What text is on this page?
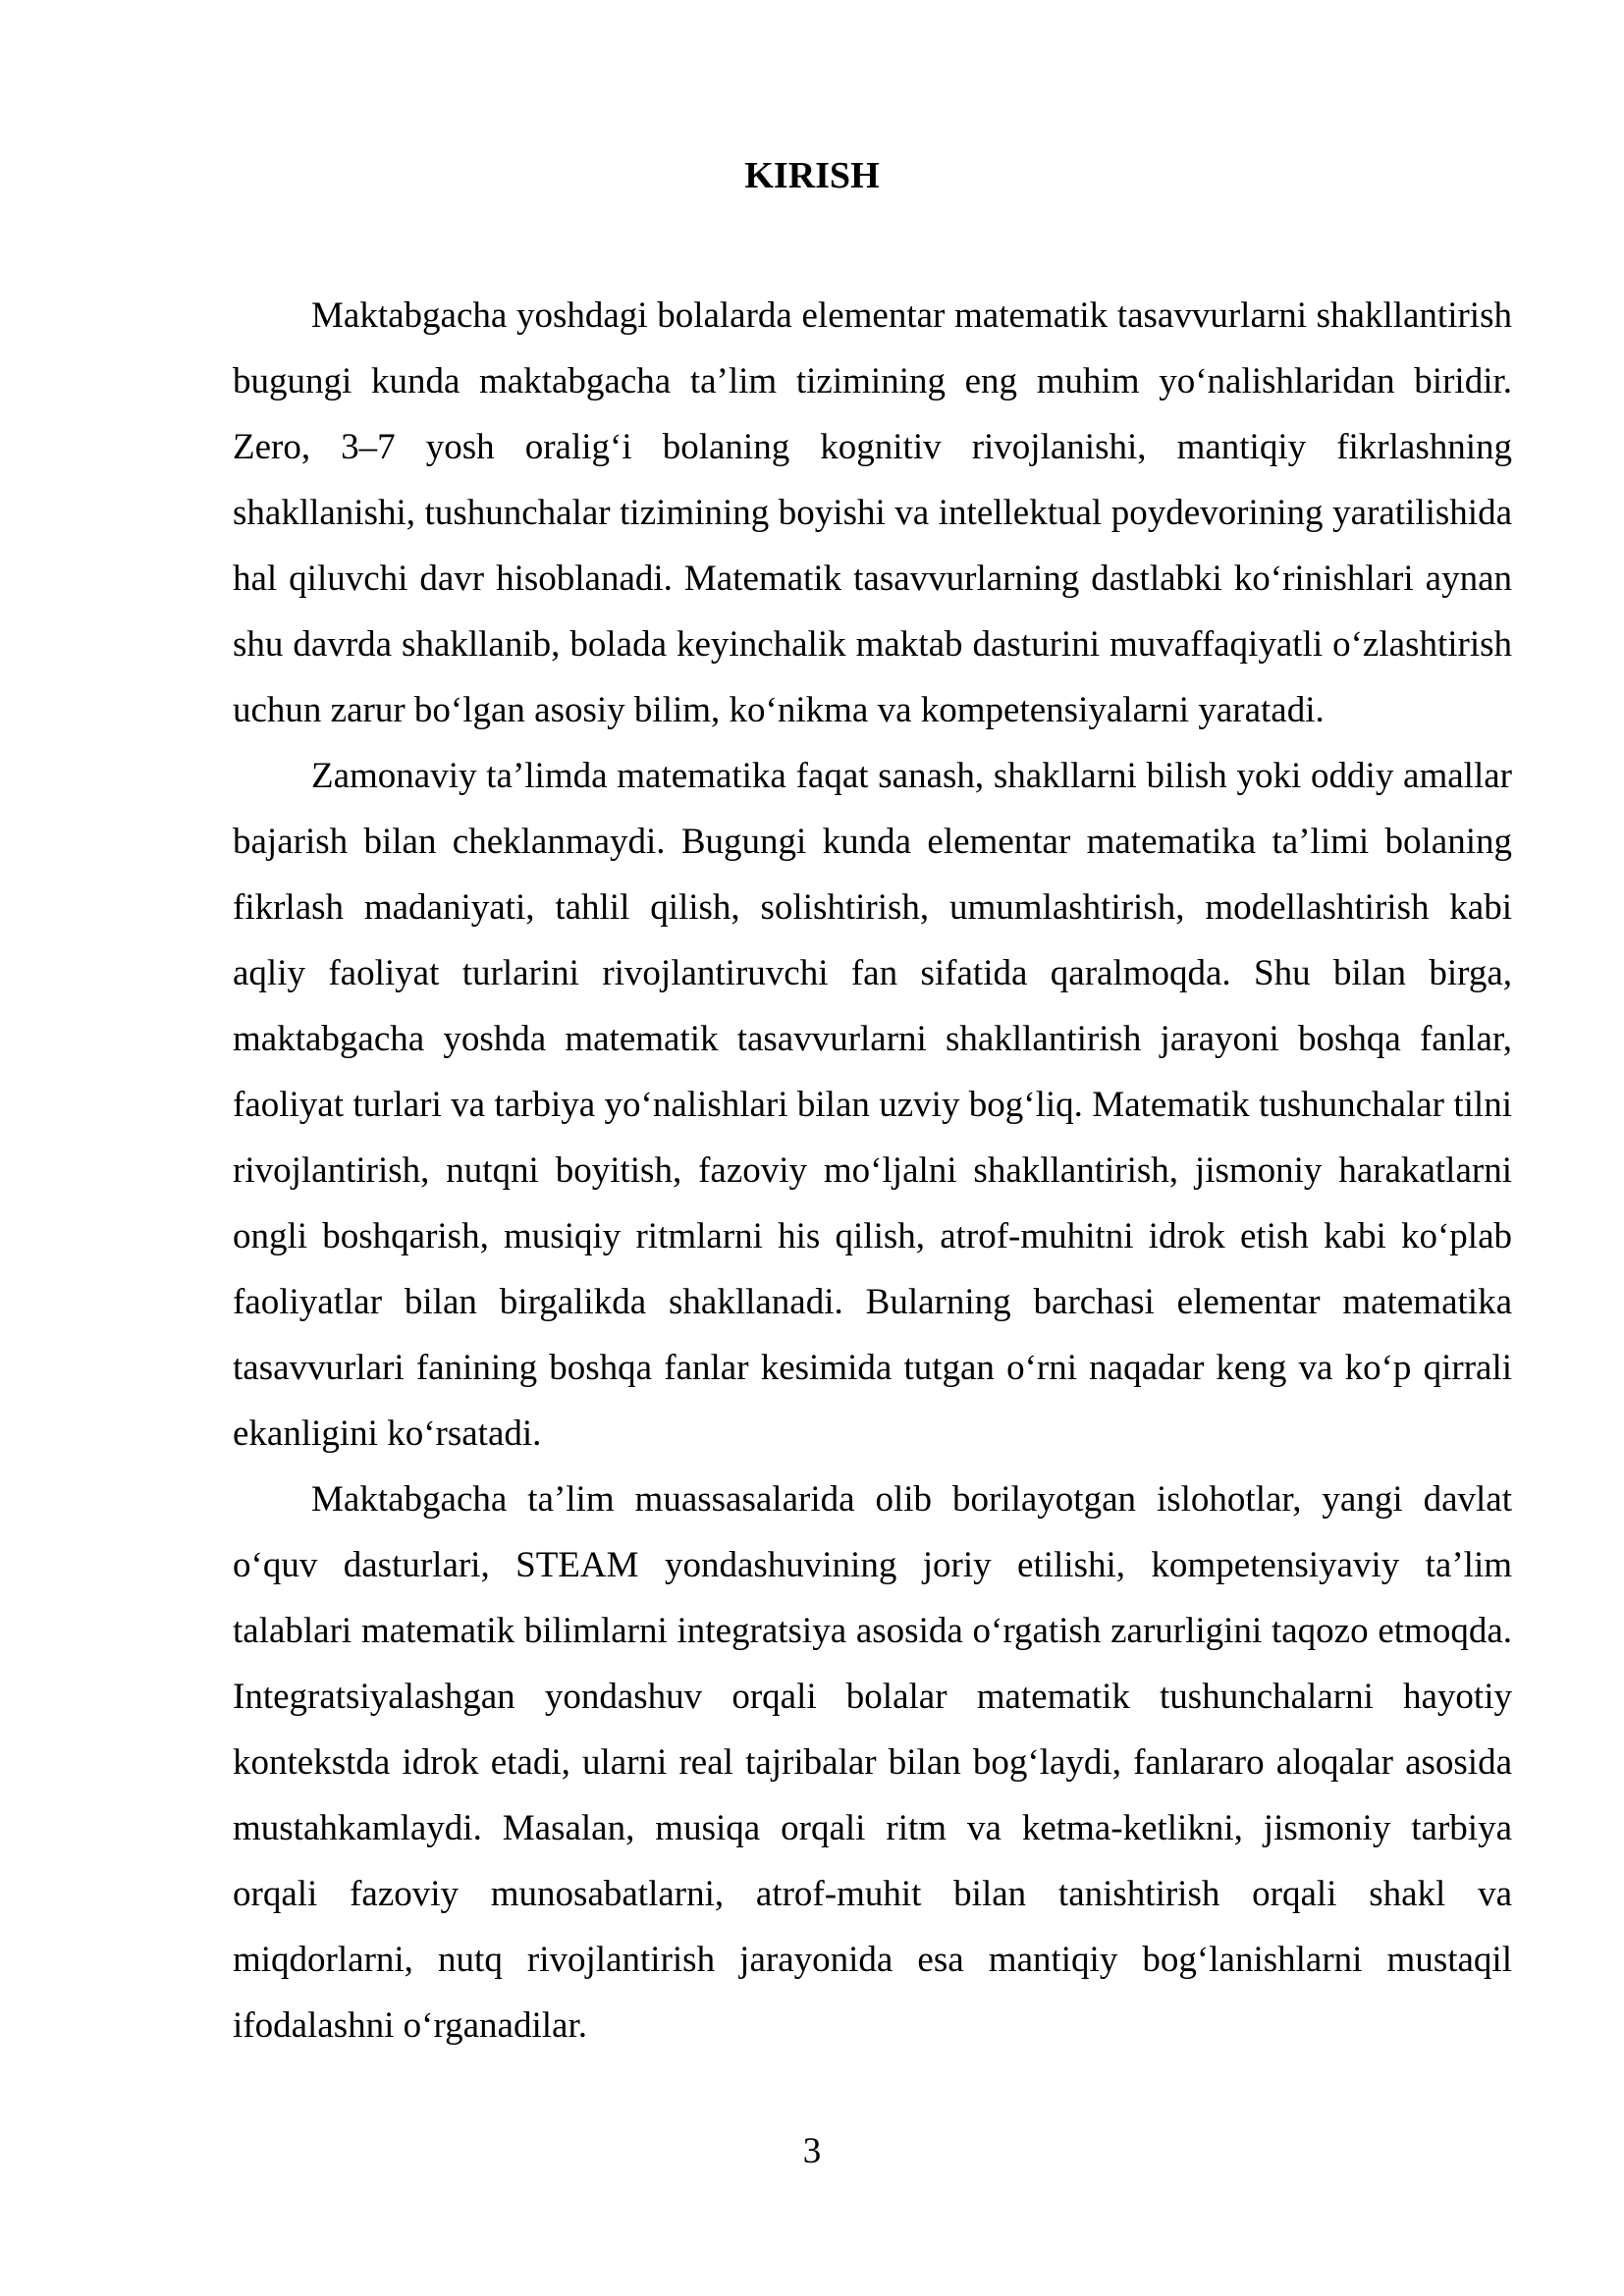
KIRISH

Maktabgacha yoshdagi bolalarda elementar matematik tasavvurlarni shakllantirish bugungi kunda maktabgacha ta’lim tizimining eng muhim yo‘nalishlaridan biridir. Zero, 3–7 yosh oralig‘i bolaning kognitiv rivojlanishi, mantiqiy fikrlashning shakllanishi, tushunchalar tizimining boyishi va intellektual poydevorining yaratilishida hal qiluvchi davr hisoblanadi. Matematik tasavvurlarning dastlabki ko‘rinishlari aynan shu davrda shakllanib, bolada keyinchalik maktab dasturini muvaffaqiyatli o‘zlashtirish uchun zarur bo‘lgan asosiy bilim, ko‘nikma va kompetensiyalarni yaratadi.

Zamonaviy ta’limda matematika faqat sanash, shakllarni bilish yoki oddiy amallar bajarish bilan cheklanmaydi. Bugungi kunda elementar matematika ta’limi bolaning fikrlash madaniyati, tahlil qilish, solishtirish, umumlashtirish, modellashtirish kabi aqliy faoliyat turlarini rivojlantiruvchi fan sifatida qaralmoqda. Shu bilan birga, maktabgacha yoshda matematik tasavvurlarni shakllantirish jarayoni boshqa fanlar, faoliyat turlari va tarbiya yo‘nalishlari bilan uzviy bog‘liq. Matematik tushunchalar tilni rivojlantirish, nutqni boyitish, fazoviy mo‘ljalni shakllantirish, jismoniy harakatlarni ongli boshqarish, musiqiy ritmlarni his qilish, atrof-muhitni idrok etish kabi ko‘plab faoliyatlar bilan birgalikda shakllanadi. Bularning barchasi elementar matematika tasavvurlari fanining boshqa fanlar kesimida tutgan o‘rni naqadar keng va ko‘p qirrali ekanligini ko‘rsatadi.

Maktabgacha ta’lim muassasalarida olib borilayotgan islohotlar, yangi davlat o‘quv dasturlari, STEAM yondashuvining joriy etilishi, kompetensiyaviy ta’lim talablari matematik bilimlarni integratsiya asosida o‘rgatish zarurligini taqozo etmoqda. Integratsiyalashgan yondashuv orqali bolalar matematik tushunchalarni hayotiy kontekstda idrok etadi, ularni real tajribalar bilan bog‘laydi, fanlararo aloqalar asosida mustahkamlaydi. Masalan, musiqa orqali ritm va ketma-ketlikni, jismoniy tarbiya orqali fazoviy munosabatlarni, atrof-muhit bilan tanishtirish orqali shakl va miqdorlarni, nutq rivojlantirish jarayonida esa mantiqiy bog‘lanishlarni mustaqil ifodalashni o‘rganadilar.

3
